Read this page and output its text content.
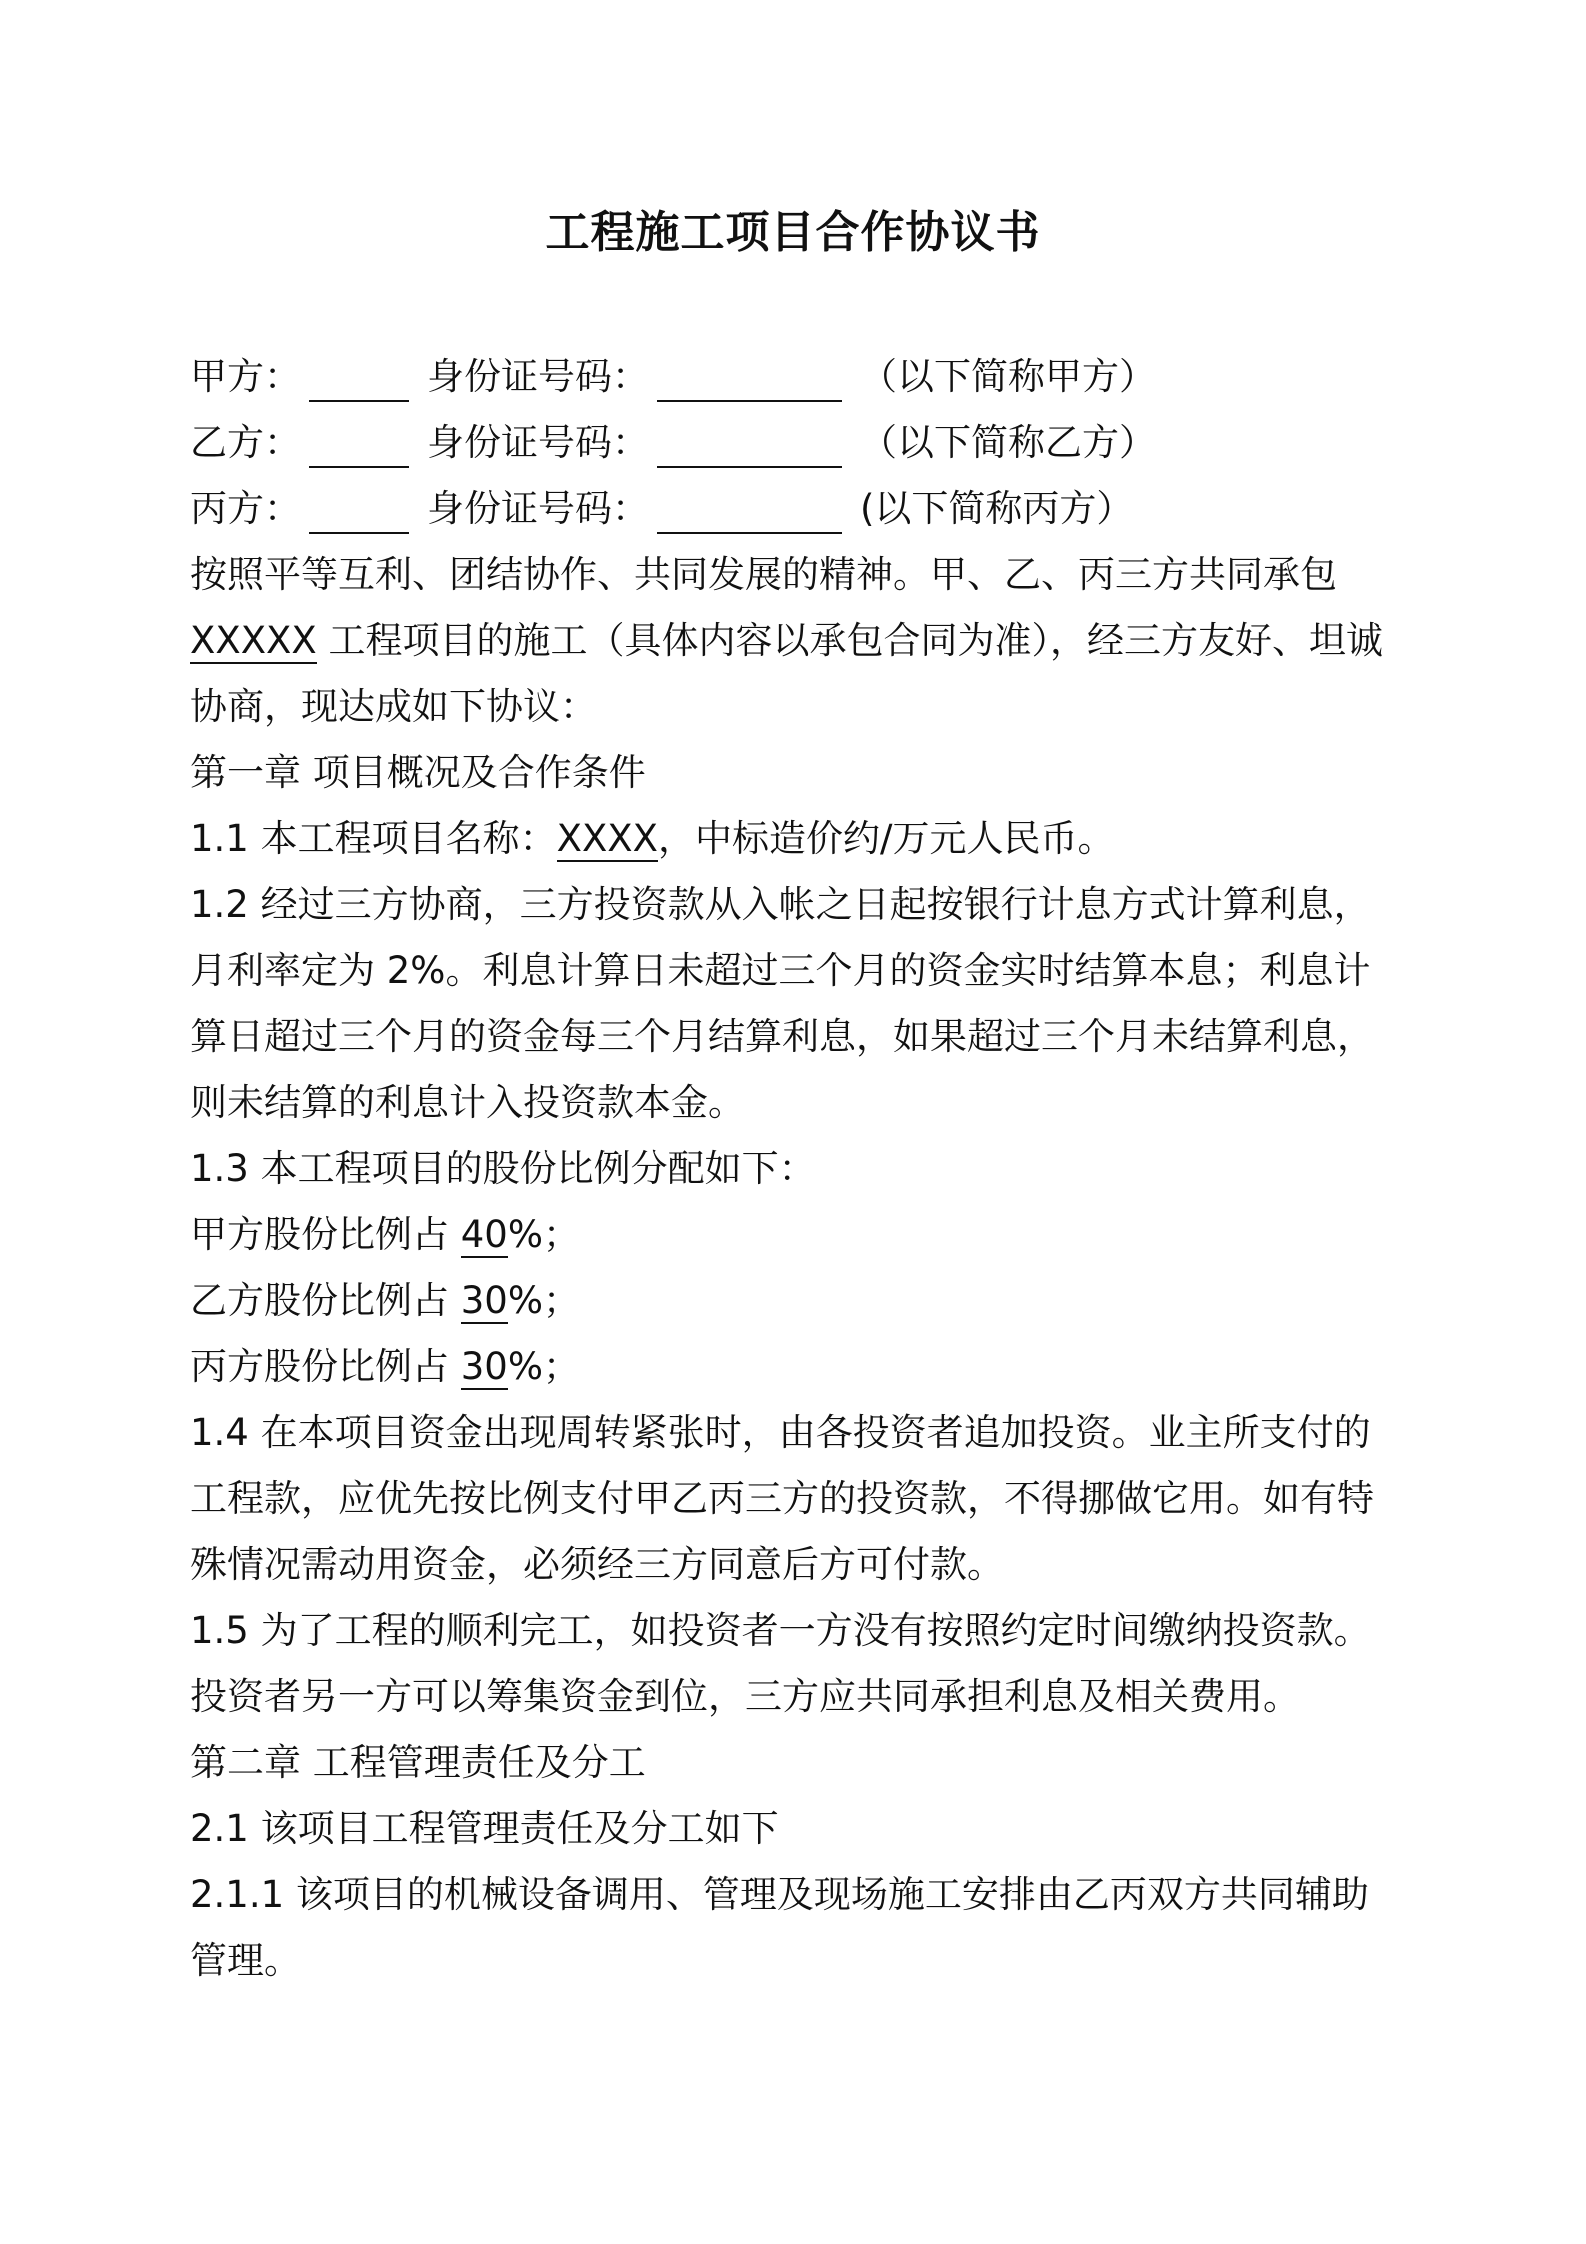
工程施工项目合作协议书
甲方：	身份证号码：	（以下简称甲方）
乙方：	身份证号码：	（以下简称乙方）
丙方：	身份证号码：	(以下简称丙方）
按照平等互利、团结协作、共同发展的精神。甲、乙、丙三方共同承包
XXXXX 工程项目的施工（具体内容以承包合同为准），经三方友好、坦诚
协商，现达成如下协议：
第一章 项目概况及合作条件
1.1 本工程项目名称：XXXX，中标造价约/万元人民币。
1.2 经过三方协商，三方投资款从入帐之日起按银行计息方式计算利息，
月利率定为 2%。利息计算日未超过三个月的资金实时结算本息；利息计
算日超过三个月的资金每三个月结算利息，如果超过三个月未结算利息，
则未结算的利息计入投资款本金。
1.3 本工程项目的股份比例分配如下：
甲方股份比例占 40%；
乙方股份比例占 30%；
丙方股份比例占 30%；
1.4 在本项目资金出现周转紧张时，由各投资者追加投资。业主所支付的
工程款，应优先按比例支付甲乙丙三方的投资款，不得挪做它用。如有特
殊情况需动用资金，必须经三方同意后方可付款。
1.5 为了工程的顺利完工，如投资者一方没有按照约定时间缴纳投资款。
投资者另一方可以筹集资金到位，三方应共同承担利息及相关费用。
第二章 工程管理责任及分工
2.1 该项目工程管理责任及分工如下
2.1.1 该项目的机械设备调用、管理及现场施工安排由乙丙双方共同辅助
管理。
